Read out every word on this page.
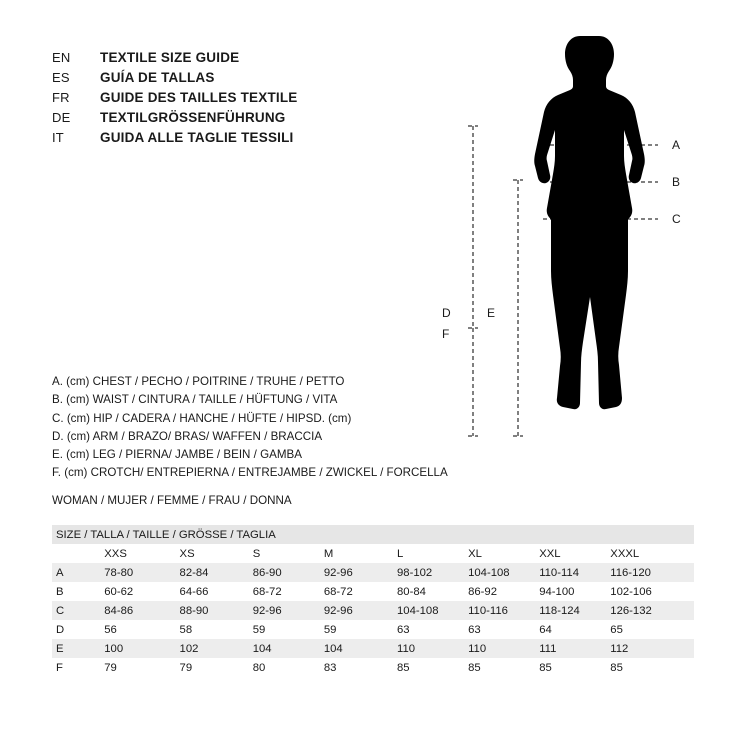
EN	TEXTILE SIZE GUIDE
ES	GUÍA DE TALLAS
FR	GUIDE DES TAILLES TEXTILE
DE	TEXTILGRÖSSENFÜHRUNG
IT	GUIDA ALLE TAGLIE TESSILI	A
B
C
D	E
F
A. (cm) CHEST / PECHO / POITRINE / TRUHE / PETTO
B. (cm) WAIST / CINTURA / TAILLE / HÜFTUNG / VITA
C. (cm) HIP / CADERA / HANCHE / HÜFTE / HIPSD. (cm)
D. (cm) ARM / BRAZO/ BRAS/ WAFFEN / BRACCIA
E. (cm) LEG / PIERNA/ JAMBE / BEIN / GAMBA
F. (cm) CROTCH/ ENTREPIERNA / ENTREJAMBE / ZWICKEL / FORCELLA
WOMAN / MUJER / FEMME / FRAU / DONNA
SIZE / TALLA / TAILLE / GRÖSSE / TAGLIA								
	XXS	XS	S	M	L	XL	XXL	XXXL
A	78-80	82-84	86-90	92-96	98-102	104-108	110-114	116-120
B	60-62	64-66	68-72	68-72	80-84	86-92	94-100	102-106
C	84-86	88-90	92-96	92-96	104-108	110-116	118-124	126-132
D	56	58	59	59	63	63	64	65
E	100	102	104	104	110	110	111	112
F	79	79	80	83	85	85	85	85
